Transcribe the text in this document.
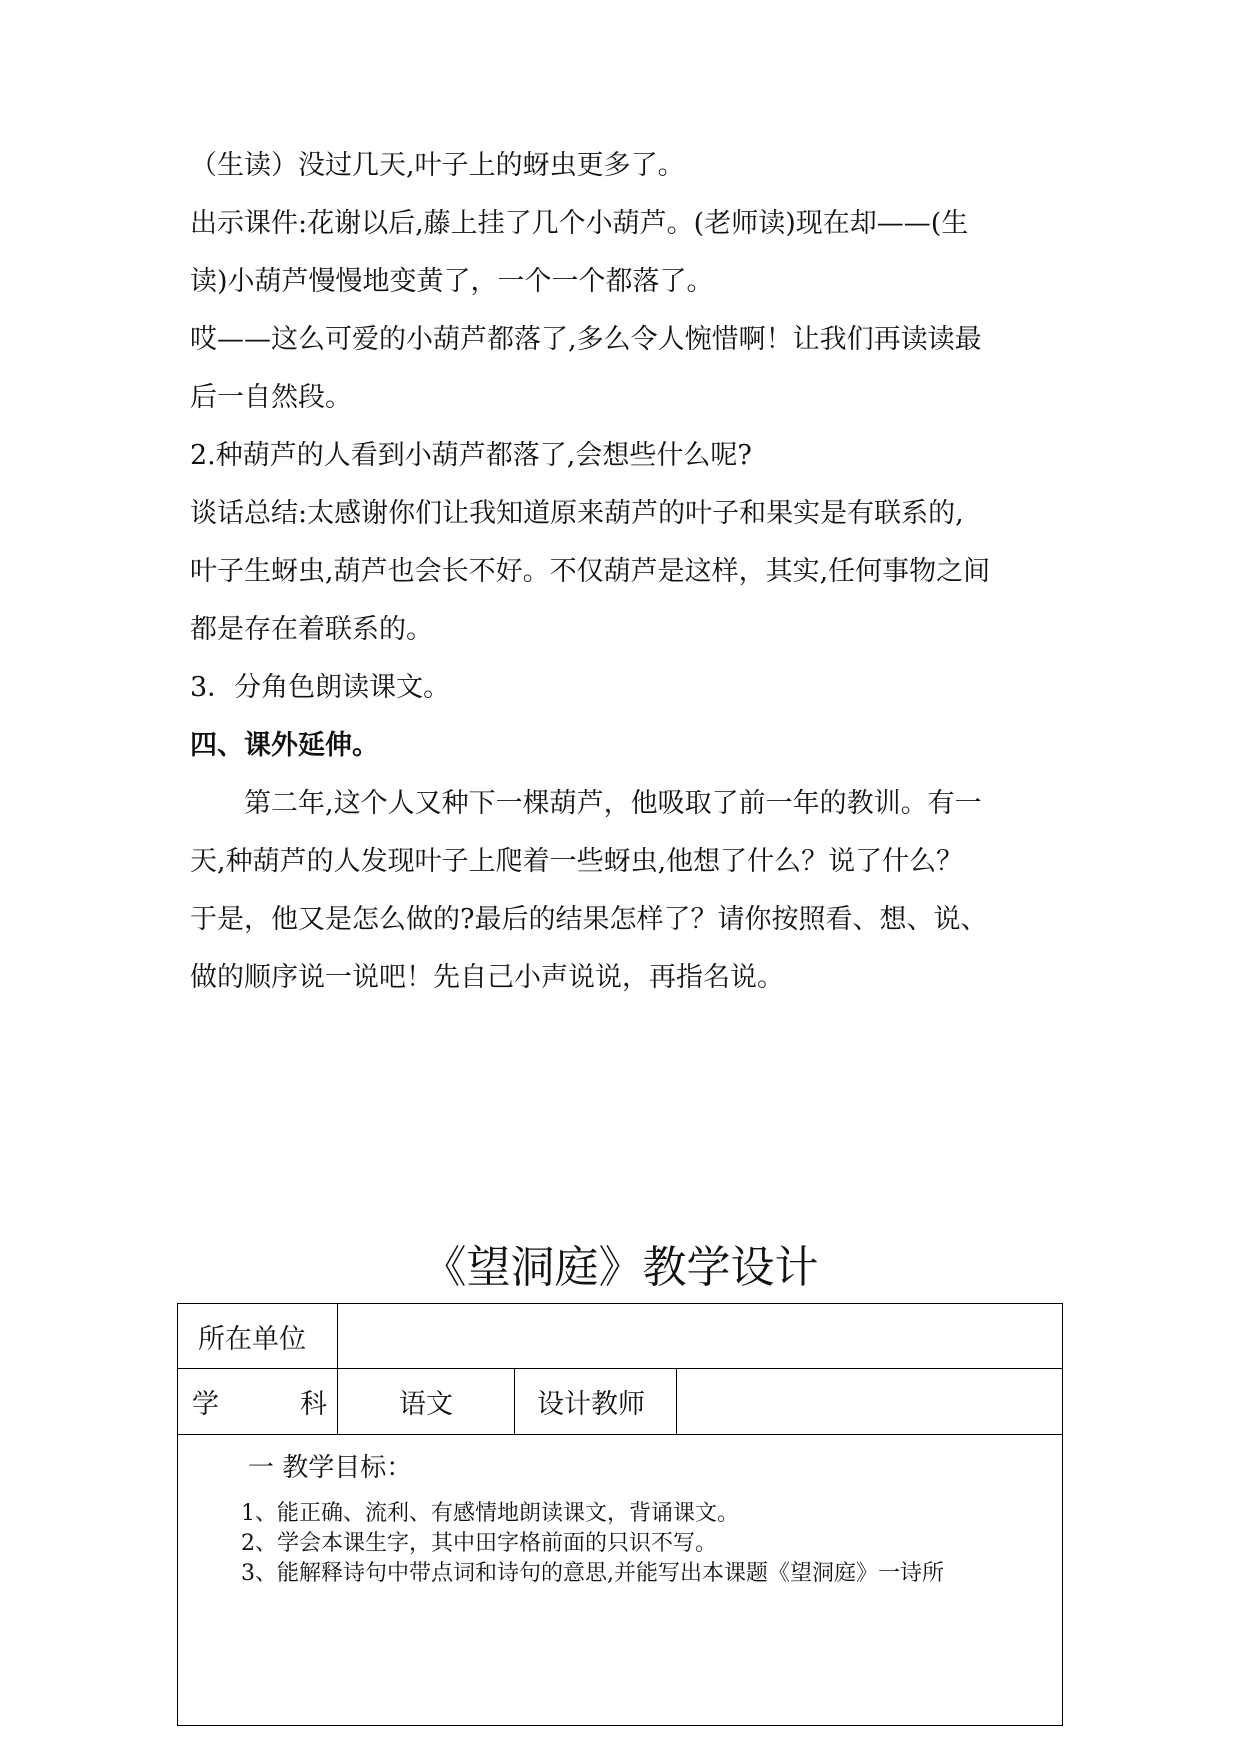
（生读）没过几天,叶子上的蚜虫更多了。
出示课件:花谢以后,藤上挂了几个小葫芦。(老师读)现在却——(生
读)小葫芦慢慢地变黄了，一个一个都落了。
哎——这么可爱的小葫芦都落了,多么令人惋惜啊！让我们再读读最
后一自然段。
2.种葫芦的人看到小葫芦都落了,会想些什么呢?
谈话总结:太感谢你们让我知道原来葫芦的叶子和果实是有联系的,
叶子生蚜虫,葫芦也会长不好。不仅葫芦是这样，其实,任何事物之间
都是存在着联系的。
3．分角色朗读课文。
四、课外延伸。
　　第二年,这个人又种下一棵葫芦，他吸取了前一年的教训。有一
天,种葫芦的人发现叶子上爬着一些蚜虫,他想了什么？说了什么？
于是，他又是怎么做的?最后的结果怎样了？请你按照看、想、说、
做的顺序说一说吧！先自己小声说说，再指名说。
《望洞庭》教学设计
所在单位
学　　　科	语文	设计教师
一 教学目标：
1、能正确、流利、有感情地朗读课文，背诵课文。
2、学会本课生字，其中田字格前面的只识不写。
3、能解释诗句中带点词和诗句的意思,并能写出本课题《望洞庭》一诗所
